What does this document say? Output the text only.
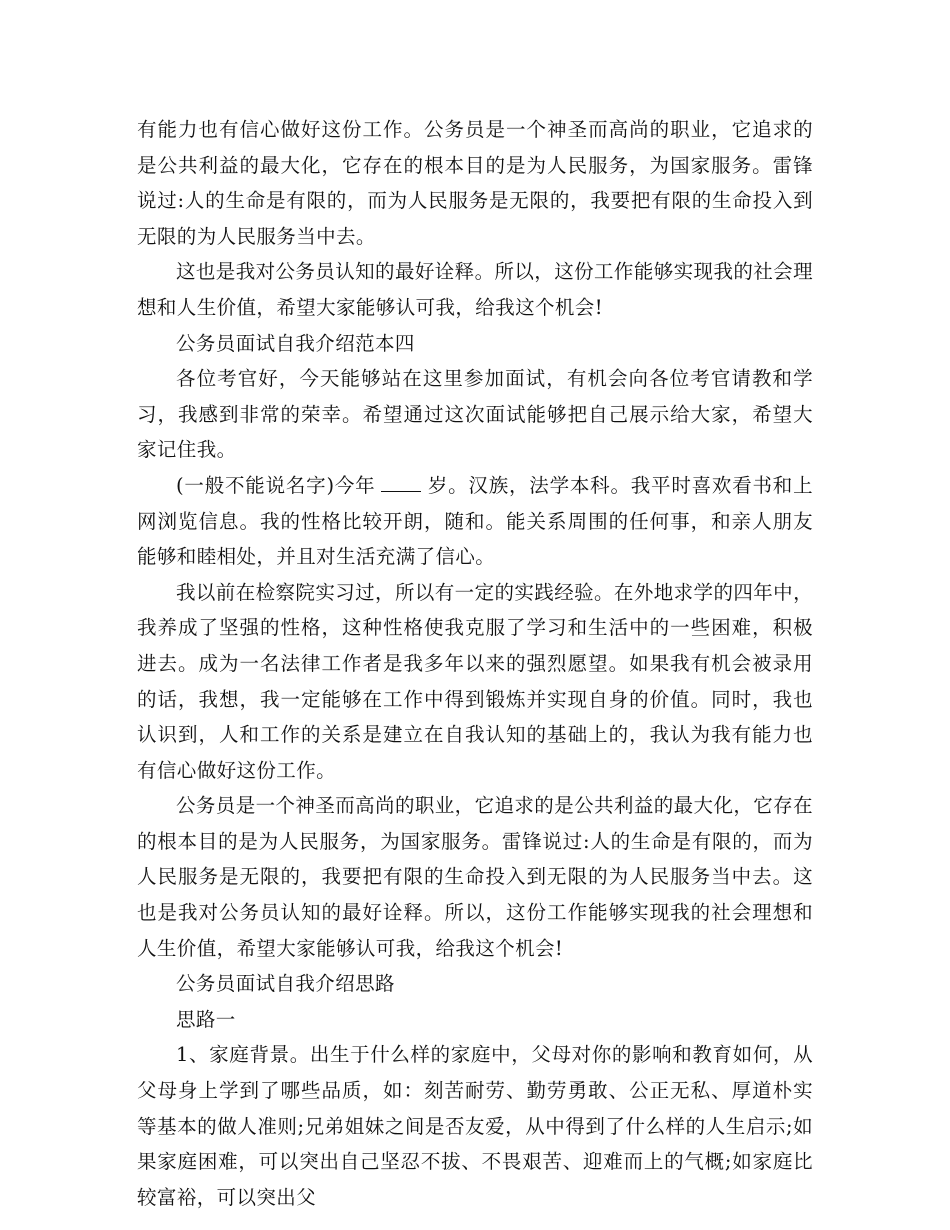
有能力也有信心做好这份工作。公务员是一个神圣而高尚的职业，它追求的是公共利益的最大化，它存在的根本目的是为人民服务，为国家服务。雷锋说过:人的生命是有限的，而为人民服务是无限的，我要把有限的生命投入到无限的为人民服务当中去。

这也是我对公务员认知的最好诠释。所以，这份工作能够实现我的社会理想和人生价值，希望大家能够认可我，给我这个机会!

公务员面试自我介绍范本四

各位考官好，今天能够站在这里参加面试，有机会向各位考官请教和学习，我感到非常的荣幸。希望通过这次面试能够把自己展示给大家，希望大家记住我。

(一般不能说名字)今年	岁。汉族，法学本科。我平时喜欢看书和上网浏览信息。我的性格比较开朗，随和。能关系周围的任何事，和亲人朋友能够和睦相处，并且对生活充满了信心。

我以前在检察院实习过，所以有一定的实践经验。在外地求学的四年中，我养成了坚强的性格，这种性格使我克服了学习和生活中的一些困难，积极进去。成为一名法律工作者是我多年以来的强烈愿望。如果我有机会被录用的话，我想，我一定能够在工作中得到锻炼并实现自身的价值。同时，我也认识到，人和工作的关系是建立在自我认知的基础上的，我认为我有能力也有信心做好这份工作。

公务员是一个神圣而高尚的职业，它追求的是公共利益的最大化，它存在的根本目的是为人民服务，为国家服务。雷锋说过:人的生命是有限的，而为人民服务是无限的，我要把有限的生命投入到无限的为人民服务当中去。这也是我对公务员认知的最好诠释。所以，这份工作能够实现我的社会理想和人生价值，希望大家能够认可我，给我这个机会!

公务员面试自我介绍思路

思路一

1、家庭背景。出生于什么样的家庭中，父母对你的影响和教育如何，从父母身上学到了哪些品质，如：刻苦耐劳、勤劳勇敢、公正无私、厚道朴实等基本的做人准则;兄弟姐妹之间是否友爱，从中得到了什么样的人生启示;如果家庭困难，可以突出自己坚忍不拔、不畏艰苦、迎难而上的气概;如家庭比较富裕，可以突出父
